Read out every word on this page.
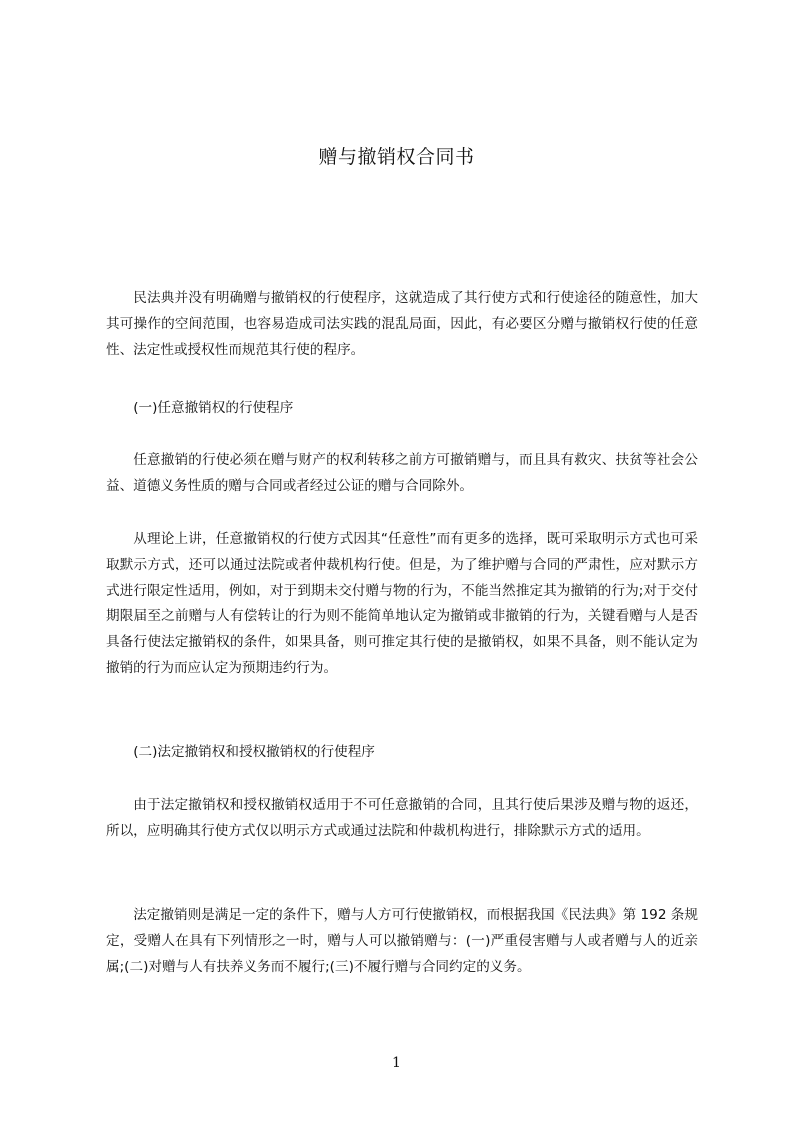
赠与撤销权合同书

民法典并没有明确赠与撤销权的行使程序，这就造成了其行使方式和行使途径的随意性，加大其可操作的空间范围，也容易造成司法实践的混乱局面，因此，有必要区分赠与撤销权行使的任意性、法定性或授权性而规范其行使的程序。

(一)任意撤销权的行使程序

任意撤销的行使必须在赠与财产的权利转移之前方可撤销赠与，而且具有救灾、扶贫等社会公益、道德义务性质的赠与合同或者经过公证的赠与合同除外。

从理论上讲，任意撤销权的行使方式因其“任意性”而有更多的选择，既可采取明示方式也可采取默示方式，还可以通过法院或者仲裁机构行使。但是，为了维护赠与合同的严肃性，应对默示方式进行限定性适用，例如，对于到期未交付赠与物的行为，不能当然推定其为撤销的行为;对于交付期限届至之前赠与人有偿转让的行为则不能简单地认定为撤销或非撤销的行为，关键看赠与人是否具备行使法定撤销权的条件，如果具备，则可推定其行使的是撤销权，如果不具备，则不能认定为撤销的行为而应认定为预期违约行为。

(二)法定撤销权和授权撤销权的行使程序

由于法定撤销权和授权撤销权适用于不可任意撤销的合同，且其行使后果涉及赠与物的返还，所以，应明确其行使方式仅以明示方式或通过法院和仲裁机构进行，排除默示方式的适用。

法定撤销则是满足一定的条件下，赠与人方可行使撤销权，而根据我国《民法典》第 192 条规定，受赠人在具有下列情形之一时，赠与人可以撤销赠与：(一)严重侵害赠与人或者赠与人的近亲属;(二)对赠与人有扶养义务而不履行;(三)不履行赠与合同约定的义务。

1
